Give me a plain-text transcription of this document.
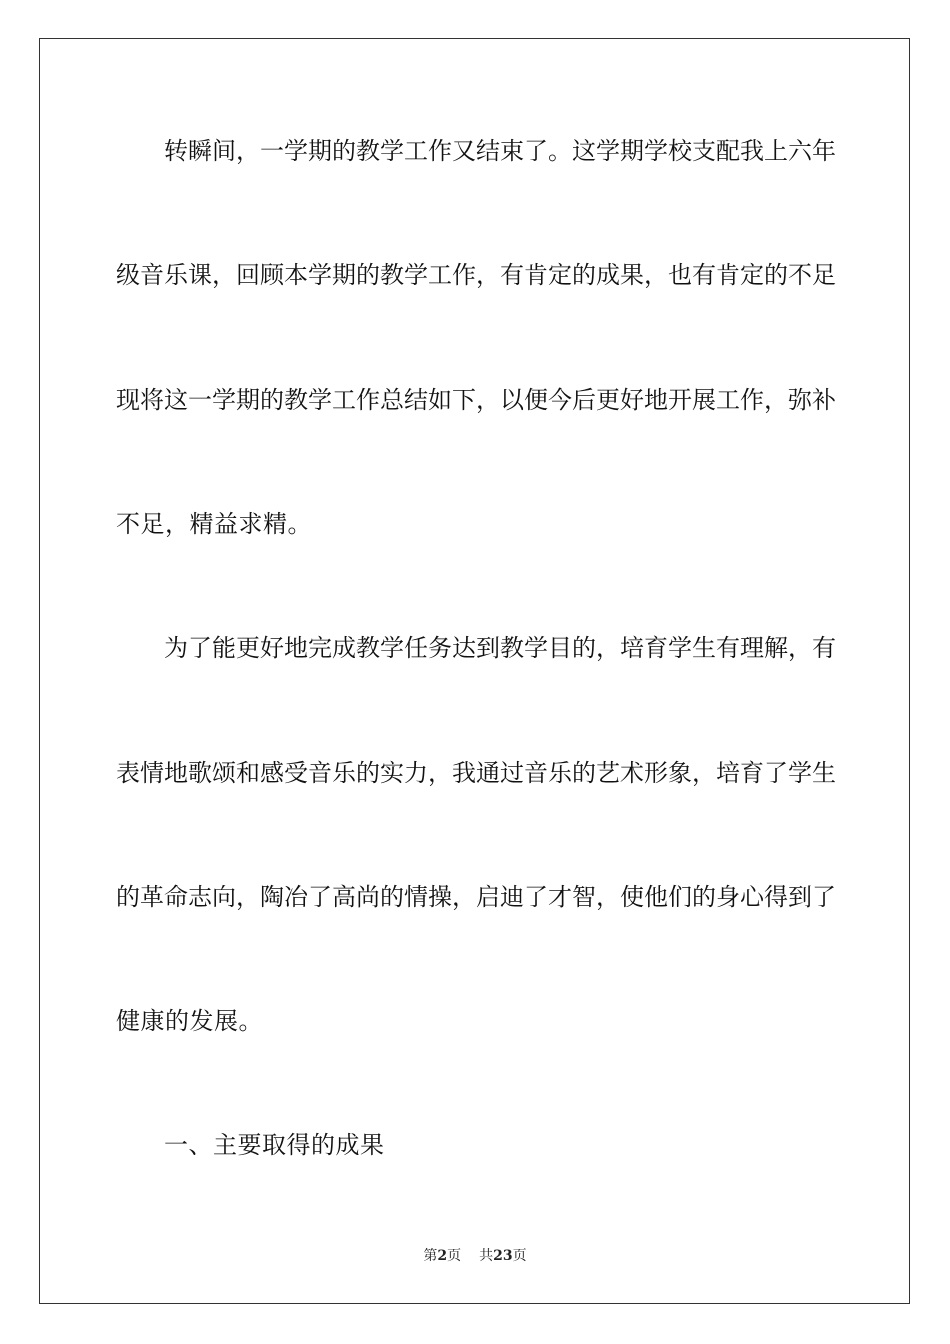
转瞬间，一学期的教学工作又结束了。这学期学校支配我上六年
级音乐课，回顾本学期的教学工作，有肯定的成果，也有肯定的不足
现将这一学期的教学工作总结如下，以便今后更好地开展工作，弥补
不足，精益求精。
为了能更好地完成教学任务达到教学目的，培育学生有理解，有
表情地歌颂和感受音乐的实力，我通过音乐的艺术形象，培育了学生
的革命志向，陶冶了高尚的情操，启迪了才智，使他们的身心得到了
健康的发展。
一、主要取得的成果
第2页 共23页
